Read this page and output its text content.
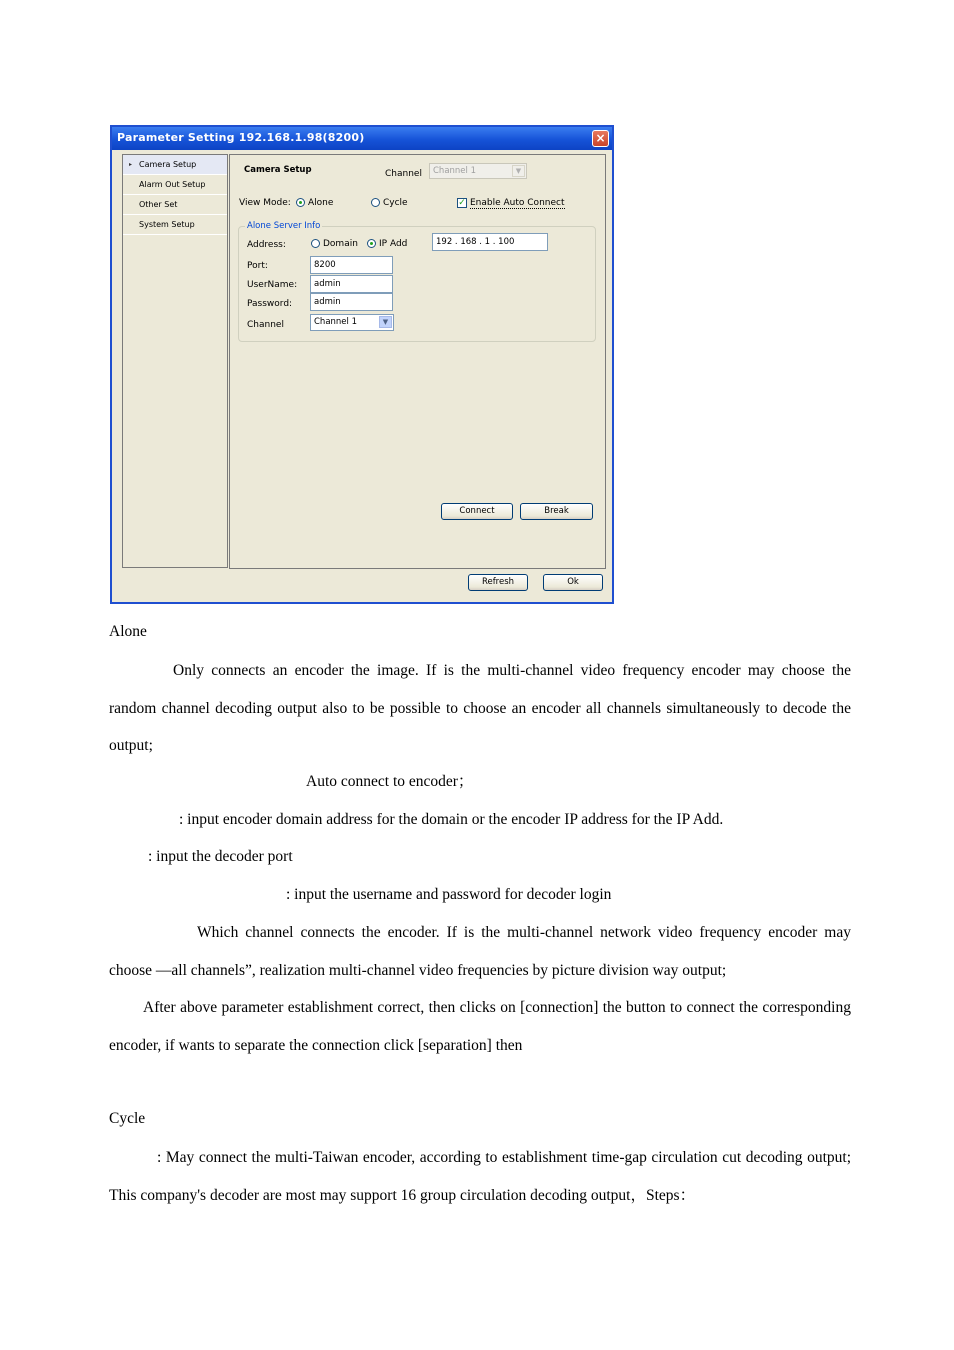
Parameter Setting 192.168.1.98(8200)	×
▸ Camera Setup
Alarm Out Setup
Other Set
System Setup
Camera Setup	Channel	Channel 1	▼
View Mode: Alone	Cycle	✓ Enable Auto Connect
Alone Server Info
Address:	Domain IP Add	192 . 168 . 1 . 100
Port:	8200
UserName:	admin
Password:	admin
Channel	Channel 1	▼
Connect	Break
Refresh	Ok
Alone

Only connects an encoder the image. If is the multi-channel video frequency encoder may choose the random channel decoding output also to be possible to choose an encoder all channels simultaneously to decode the output;

Auto connect to encoder；
: input encoder domain address for the domain or the encoder IP address for the IP Add.
: input the decoder port
: input the username and password for decoder login

Which channel connects the encoder. If is the multi-channel network video frequency encoder may choose ―all channels”, realization multi-channel video frequencies by picture division way output;

After above parameter establishment correct, then clicks on [connection] the button to connect the corresponding encoder, if wants to separate the connection click [separation] then

Cycle

: May connect the multi-Taiwan encoder, according to establishment time-gap circulation cut decoding output; This company's decoder are most may support 16 group circulation decoding output，Steps：
